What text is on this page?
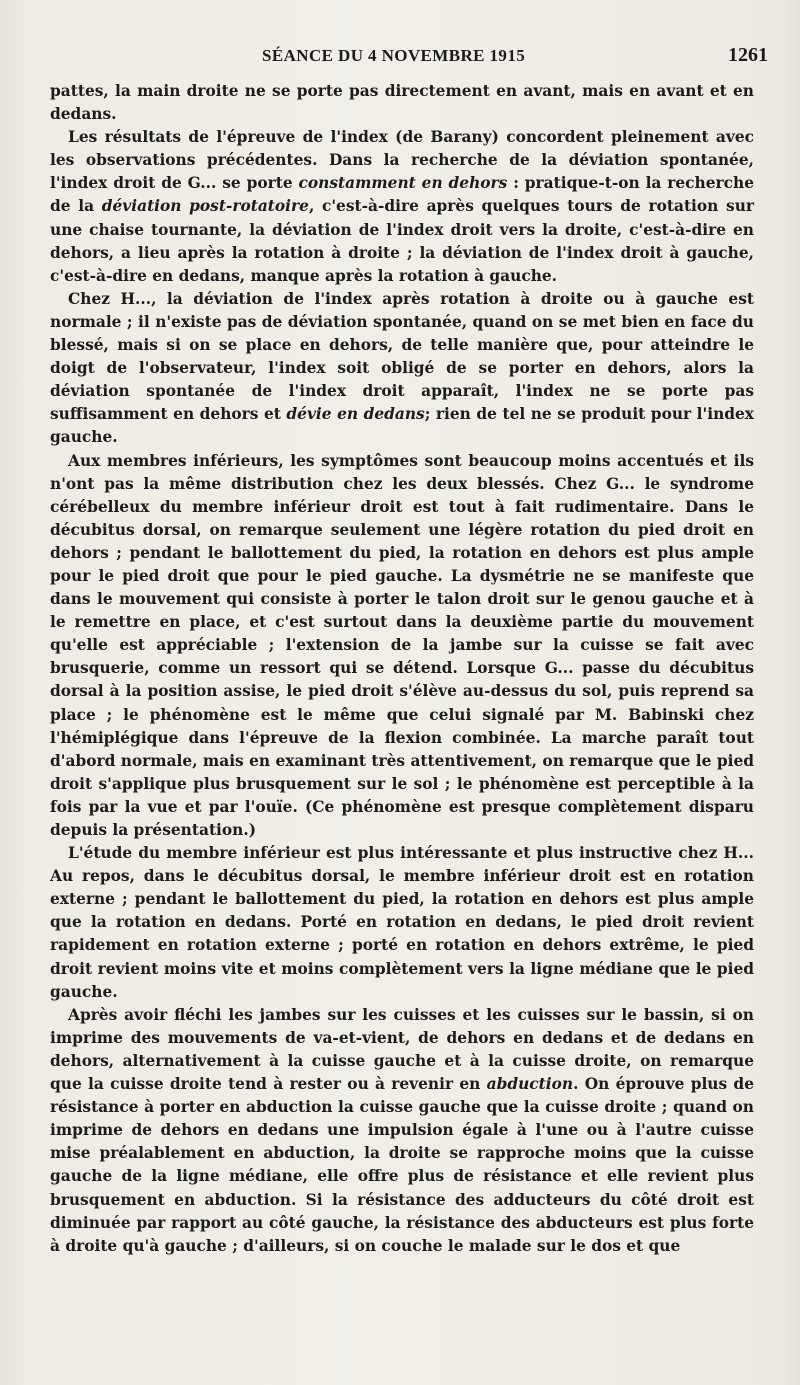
SÉANCE DU 4 NOVEMBRE 1915	1261

pattes, la main droite ne se porte pas directement en avant, mais en avant et en dedans.

Les résultats de l'épreuve de l'index (de Barany) concordent pleinement avec les observations précédentes. Dans la recherche de la déviation spontanée, l'index droit de G... se porte constamment en dehors : pratique-t-on la recherche de la déviation post-rotatoire, c'est-à-dire après quelques tours de rotation sur une chaise tournante, la déviation de l'index droit vers la droite, c'est-à-dire en dehors, a lieu après la rotation à droite ; la déviation de l'index droit à gauche, c'est-à-dire en dedans, manque après la rotation à gauche.

Chez H..., la déviation de l'index après rotation à droite ou à gauche est normale ; il n'existe pas de déviation spontanée, quand on se met bien en face du blessé, mais si on se place en dehors, de telle manière que, pour atteindre le doigt de l'observateur, l'index soit obligé de se porter en dehors, alors la déviation spontanée de l'index droit apparaît, l'index ne se porte pas suffisamment en dehors et dévie en dedans; rien de tel ne se produit pour l'index gauche.

Aux membres inférieurs, les symptômes sont beaucoup moins accentués et ils n'ont pas la même distribution chez les deux blessés. Chez G... le syndrome cérébelleux du membre inférieur droit est tout à fait rudimentaire. Dans le décubitus dorsal, on remarque seulement une légère rotation du pied droit en dehors ; pendant le ballottement du pied, la rotation en dehors est plus ample pour le pied droit que pour le pied gauche. La dysmétrie ne se manifeste que dans le mouvement qui consiste à porter le talon droit sur le genou gauche et à le remettre en place, et c'est surtout dans la deuxième partie du mouvement qu'elle est appréciable ; l'extension de la jambe sur la cuisse se fait avec brusquerie, comme un ressort qui se détend. Lorsque G... passe du décubitus dorsal à la position assise, le pied droit s'élève au-dessus du sol, puis reprend sa place ; le phénomène est le même que celui signalé par M. Babinski chez l'hémiplégique dans l'épreuve de la flexion combinée. La marche paraît tout d'abord normale, mais en examinant très attentivement, on remarque que le pied droit s'applique plus brusquement sur le sol ; le phénomène est perceptible à la fois par la vue et par l'ouïe. (Ce phénomène est presque complètement disparu depuis la présentation.)

L'étude du membre inférieur est plus intéressante et plus instructive chez H... Au repos, dans le décubitus dorsal, le membre inférieur droit est en rotation externe ; pendant le ballottement du pied, la rotation en dehors est plus ample que la rotation en dedans. Porté en rotation en dedans, le pied droit revient rapidement en rotation externe ; porté en rotation en dehors extrême, le pied droit revient moins vite et moins complètement vers la ligne médiane que le pied gauche.

Après avoir fléchi les jambes sur les cuisses et les cuisses sur le bassin, si on imprime des mouvements de va-et-vient, de dehors en dedans et de dedans en dehors, alternativement à la cuisse gauche et à la cuisse droite, on remarque que la cuisse droite tend à rester ou à revenir en abduction. On éprouve plus de résistance à porter en abduction la cuisse gauche que la cuisse droite ; quand on imprime de dehors en dedans une impulsion égale à l'une ou à l'autre cuisse mise préalablement en abduction, la droite se rapproche moins que la cuisse gauche de la ligne médiane, elle offre plus de résistance et elle revient plus brusquement en abduction. Si la résistance des adducteurs du côté droit est diminuée par rapport au côté gauche, la résistance des abducteurs est plus forte à droite qu'à gauche ; d'ailleurs, si on couche le malade sur le dos et que
